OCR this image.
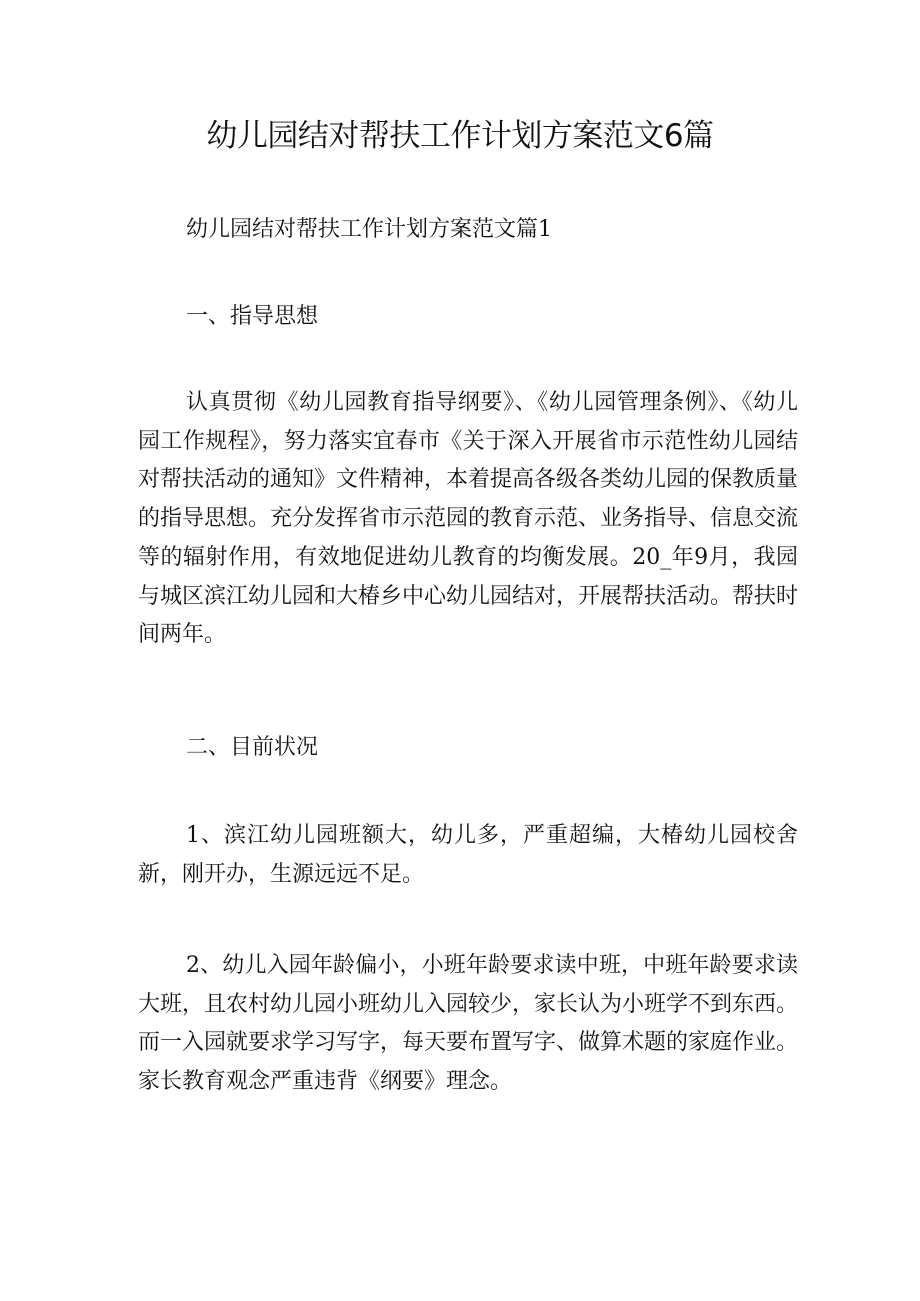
幼儿园结对帮扶工作计划方案范文6篇

幼儿园结对帮扶工作计划方案范文篇1

一、指导思想

认真贯彻《幼儿园教育指导纲要》、《幼儿园管理条例》、《幼儿园工作规程》，努力落实宜春市《关于深入开展省市示范性幼儿园结对帮扶活动的通知》文件精神，本着提高各级各类幼儿园的保教质量的指导思想。充分发挥省市示范园的教育示范、业务指导、信息交流等的辐射作用，有效地促进幼儿教育的均衡发展。20_年9月，我园与城区滨江幼儿园和大椿乡中心幼儿园结对，开展帮扶活动。帮扶时间两年。

二、目前状况

1、滨江幼儿园班额大，幼儿多，严重超编，大椿幼儿园校舍新，刚开办，生源远远不足。

2、幼儿入园年龄偏小，小班年龄要求读中班，中班年龄要求读大班，且农村幼儿园小班幼儿入园较少，家长认为小班学不到东西。而一入园就要求学习写字，每天要布置写字、做算术题的家庭作业。家长教育观念严重违背《纲要》理念。
